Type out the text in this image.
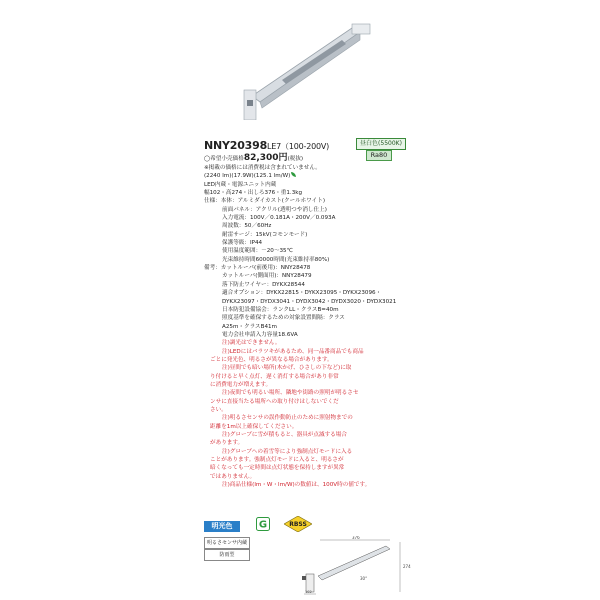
NNY20398LE7（100-200V)	昼白色(5500K)
Ra80
◯希望小売価格82,300円(税抜)
※掲載の価格には消費税は含まれていません。
(2240 lm)(17.9W)(125.1 lm/W)
LED内蔵・電源ユニット内蔵
幅102・高274・出しろ376・重1.3kg
仕様：本体：アルミダイカスト(クールホワイト)
前面パネル：アクリル(透明つや消し仕上)
入力電流：100V／0.181A・200V／0.093A
周波数：50／60Hz
耐雷サージ：15kV(コモンモード)
保護等級：IP44
使用温度範囲：－20～35℃
光束維持時間60000時間(光束維持率80%)
備考：カットルーバ(前後用)：NNY28478
カットルーバ(側面用)：NNY28479
落下防止ワイヤー：DYKX28544
適合オプション：DYKX22815・DYKX23095・DYKX23096・
DYKX23097・DYDX3041・DYDX3042・DYDX3020・DYDX3021
日本防犯設備協会：ランクLL・クラスB=40m
照度基準を確保するための対象設置間隔：クラス
A25m・クラスB41m
電力会社申請入力容量18.6VA
注)調光はできません。
注)LEDにはバラツキがあるため、同一品番商品でも商品
ごとに発光色、明るさが異なる場合があります。
注)昼間でも暗い場所(木かげ、ひさしの下など)に取
り付けると早く点灯、遅く消灯する場合があり非常
に消費電力が増えます。
注)夜間でも明るい場所、隣地や街路の照明が明るさセ
ンサに直接当たる場所への取り付けはしないでくだ
さい。
注)明るさセンサの誤作動防止のために照射物までの
距離を1m以上確保してください。
注)グローブに雪が積もると、器具が点滅する場合
があります。
注)グローブへの着雪等により強制点灯モードに入る
ことがあります。強制点灯モードに入ると、明るさが
暗くなっても一定時間は点灯状態を保持しますが異常
ではありません。
注)商品仕様(lm・W・lm/W)の数値は、100V時の値です。
明光色	G	RBSS
明るさセンサ内蔵
防雨型
376
274
30°
102
